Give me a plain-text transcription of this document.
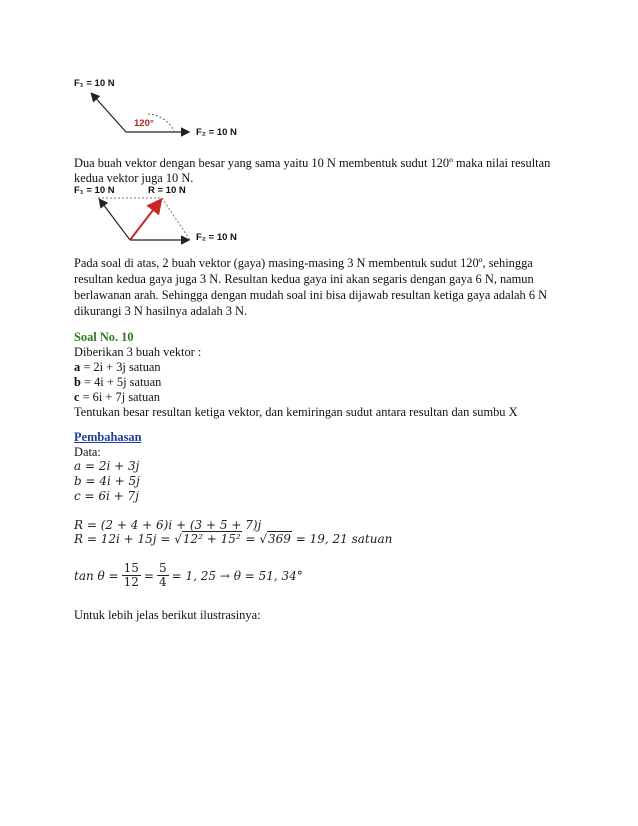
F₁ = 10 N
120°
F₂ = 10 N
Dua buah vektor dengan besar yang sama yaitu 10 N membentuk sudut 120º maka nilai resultan
kedua vektor juga 10 N.
F₁ = 10 N	R = 10 N
F₂ = 10 N
Pada soal di atas, 2 buah vektor (gaya) masing-masing 3 N membentuk sudut 120º, sehingga
resultan kedua gaya juga 3 N. Resultan kedua gaya ini akan segaris dengan gaya 6 N, namun
berlawanan arah. Sehingga dengan mudah soal ini bisa dijawab resultan ketiga gaya adalah 6 N
dikurangi 3 N hasilnya adalah 3 N.
Soal No. 10
Diberikan 3 buah vektor :
a = 2i + 3j satuan
b = 4i + 5j satuan
c = 6i + 7j satuan
Tentukan besar resultan ketiga vektor, dan kemiringan sudut antara resultan dan sumbu X
Pembahasan
Data:
a = 2i + 3j
b = 4i + 5j
c = 6i + 7j
R = (2 + 4 + 6)i + (3 + 5 + 7)j
R = 12i + 15j = √12² + 15² = √369 = 19, 21 satuan
$\tan \theta = \frac{15}{12} = \frac{5}{4} = 1$, 25 → θ = 51, 34°
Untuk lebih jelas berikut ilustrasinya:
